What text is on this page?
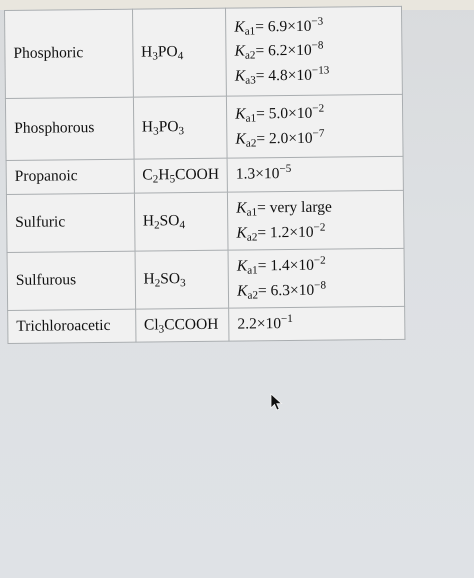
Phosphoric	$H_3PO_4$	$K_{a1}= 6.9\times 10^{-3}$
$K_{a2}= 6.2\times 10^{-8}$
$K_{a3}= 4.8\times 10^{-13}$

Phosphorous	$H_3PO_3$	$K_{a1}= 5.0\times 10^{-2}$
$K_{a2}= 2.0\times 10^{-7}$

Propanoic	$C_2H_5COOH$	$1.3\times 10^{-5}$

Sulfuric	$H_2SO_4$	$K_{a1}=$ very large
$K_{a2}= 1.2\times 10^{-2}$

Sulfurous	$H_2SO_3$	$K_{a1}= 1.4\times 10^{-2}$
$K_{a2}= 6.3\times 10^{-8}$

Trichloroacetic	$Cl_3CCOOH$	$2.2\times 10^{-1}$
